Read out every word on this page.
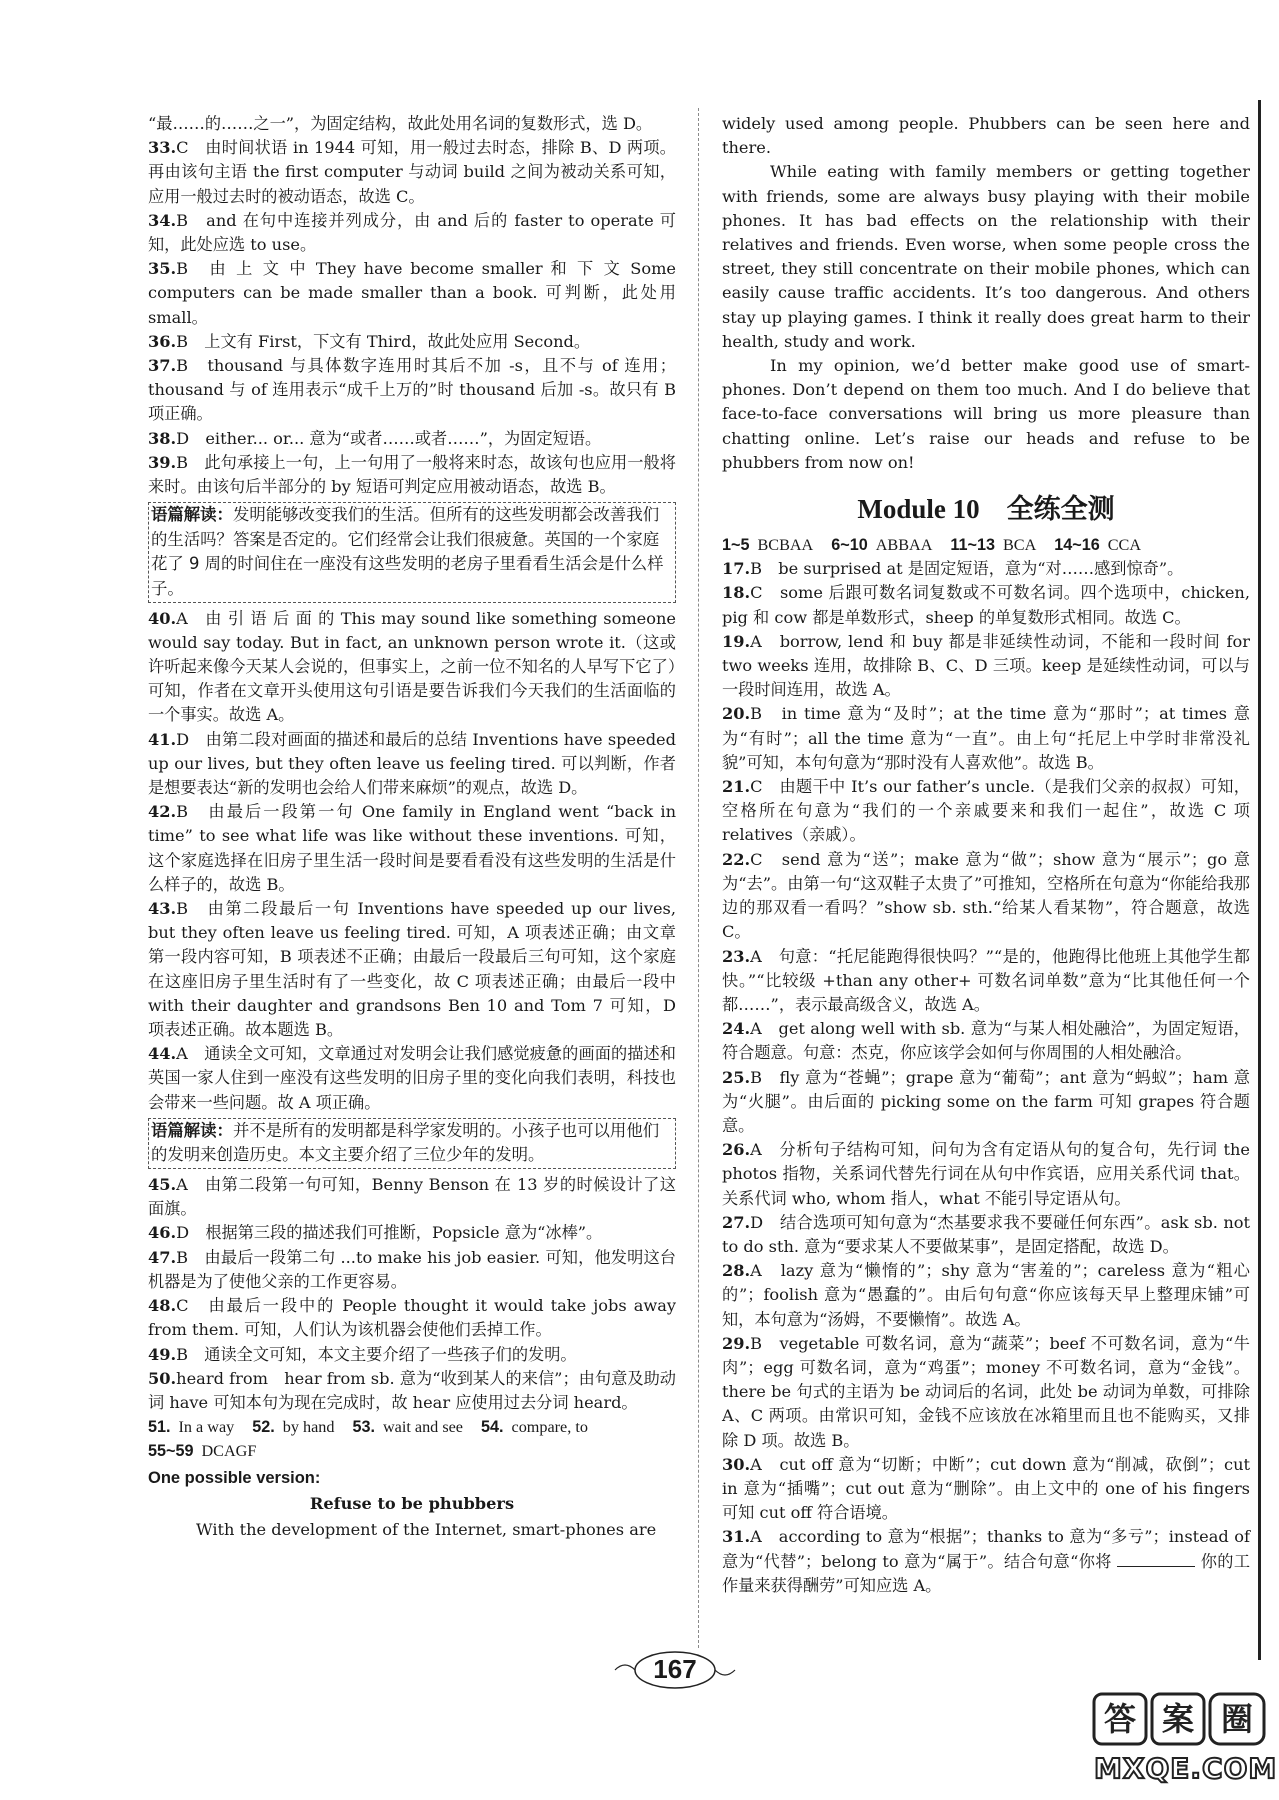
“最……的……之一”，为固定结构，故此处用名词的复数形式，选 D。

33.C　由时间状语 in 1944 可知，用一般过去时态，排除 B、D 两项。再由该句主语 the first computer 与动词 build 之间为被动关系可知，应用一般过去时的被动语态，故选 C。

34.B　and 在句中连接并列成分，由 and 后的 faster to operate 可知，此处应选 to use。

35.B　由 上 文 中 They have become smaller 和 下 文 Some computers can be made smaller than a book. 可判断，此处用 small。

36.B　上文有 First，下文有 Third，故此处应用 Second。

37.B　thousand 与具体数字连用时其后不加 -s，且不与 of 连用；thousand 与 of 连用表示“成千上万的”时 thousand 后加 -s。故只有 B 项正确。

38.D　either... or... 意为“或者……或者……”，为固定短语。

39.B　此句承接上一句，上一句用了一般将来时态，故该句也应用一般将来时。由该句后半部分的 by 短语可判定应用被动语态，故选 B。

语篇解读：发明能够改变我们的生活。但所有的这些发明都会改善我们的生活吗？答案是否定的。它们经常会让我们很疲惫。英国的一个家庭花了 9 周的时间住在一座没有这些发明的老房子里看看生活会是什么样子。

40.A　由 引 语 后 面 的 This may sound like something someone would say today. But in fact, an unknown person wrote it.（这或许听起来像今天某人会说的，但事实上，之前一位不知名的人早写下它了）可知，作者在文章开头使用这句引语是要告诉我们今天我们的生活面临的一个事实。故选 A。

41.D　由第二段对画面的描述和最后的总结 Inventions have speeded up our lives, but they often leave us feeling tired. 可以判断，作者是想要表达“新的发明也会给人们带来麻烦”的观点，故选 D。

42.B　由最后一段第一句 One family in England went “back in time” to see what life was like without these inventions. 可知，这个家庭选择在旧房子里生活一段时间是要看看没有这些发明的生活是什么样子的，故选 B。

43.B　由第二段最后一句 Inventions have speeded up our lives, but they often leave us feeling tired. 可知，A 项表述正确；由文章第一段内容可知，B 项表述不正确；由最后一段最后三句可知，这个家庭在这座旧房子里生活时有了一些变化，故 C 项表述正确；由最后一段中 with their daughter and grandsons Ben 10 and Tom 7 可知，D 项表述正确。故本题选 B。

44.A　通读全文可知，文章通过对发明会让我们感觉疲惫的画面的描述和英国一家人住到一座没有这些发明的旧房子里的变化向我们表明，科技也会带来一些问题。故 A 项正确。

语篇解读：并不是所有的发明都是科学家发明的。小孩子也可以用他们的发明来创造历史。本文主要介绍了三位少年的发明。

45.A　由第二段第一句可知，Benny Benson 在 13 岁的时候设计了这面旗。

46.D　根据第三段的描述我们可推断，Popsicle 意为“冰棒”。

47.B　由最后一段第二句 ...to make his job easier. 可知，他发明这台机器是为了使他父亲的工作更容易。

48.C　由最后一段中的 People thought it would take jobs away from them. 可知，人们认为该机器会使他们丢掉工作。

49.B　通读全文可知，本文主要介绍了一些孩子们的发明。

50.heard from　hear from sb. 意为“收到某人的来信”；由句意及助动词 have 可知本句为现在完成时，故 hear 应使用过去分词 heard。

51. In a way 52. by hand 53. wait and see 54. compare, to

55~59 DCAGF

One possible version:

Refuse to be phubbers

With the development of the Internet, smart-phones are

widely used among people. Phubbers can be seen here and there.

While eating with family members or getting together with friends, some are always busy playing with their mobile phones. It has bad effects on the relationship with their relatives and friends. Even worse, when some people cross the street, they still concentrate on their mobile phones, which can easily cause traffic accidents. It’s too dangerous. And others stay up playing games. I think it really does great harm to their health, study and work.

In my opinion, we’d better make good use of smart-phones. Don’t depend on them too much. And I do believe that face-to-face conversations will bring us more pleasure than chatting online. Let’s raise our heads and refuse to be phubbers from now on!

Module 10　全练全测

1~5 BCBAA 6~10 ABBAA 11~13 BCA 14~16 CCA

17.B　be surprised at 是固定短语，意为“对……感到惊奇”。

18.C　some 后跟可数名词复数或不可数名词。四个选项中，chicken, pig 和 cow 都是单数形式，sheep 的单复数形式相同。故选 C。

19.A　borrow, lend 和 buy 都是非延续性动词，不能和一段时间 for two weeks 连用，故排除 B、C、D 三项。keep 是延续性动词，可以与一段时间连用，故选 A。

20.B　in time 意为“及时”；at the time 意为“那时”；at times 意为“有时”；all the time 意为“一直”。由上句“托尼上中学时非常没礼貌”可知，本句句意为“那时没有人喜欢他”。故选 B。

21.C　由题干中 It’s our father’s uncle.（是我们父亲的叔叔）可知，空格所在句意为“我们的一个亲戚要来和我们一起住”，故选 C 项 relatives（亲戚）。

22.C　send 意为“送”；make 意为“做”；show 意为“展示”；go 意为“去”。由第一句“这双鞋子太贵了”可推知，空格所在句意为“你能给我那边的那双看一看吗？”show sb. sth.“给某人看某物”，符合题意，故选 C。

23.A　句意：“托尼能跑得很快吗？”“是的，他跑得比他班上其他学生都快。”“比较级 +than any other+ 可数名词单数”意为“比其他任何一个都……”，表示最高级含义，故选 A。

24.A　get along well with sb. 意为“与某人相处融洽”，为固定短语，符合题意。句意：杰克，你应该学会如何与你周围的人相处融洽。

25.B　fly 意为“苍蝇”；grape 意为“葡萄”；ant 意为“蚂蚁”；ham 意为“火腿”。由后面的 picking some on the farm 可知 grapes 符合题意。

26.A　分析句子结构可知，问句为含有定语从句的复合句，先行词 the photos 指物，关系词代替先行词在从句中作宾语，应用关系代词 that。关系代词 who, whom 指人，what 不能引导定语从句。

27.D　结合选项可知句意为“杰基要求我不要碰任何东西”。ask sb. not to do sth. 意为“要求某人不要做某事”，是固定搭配，故选 D。

28.A　lazy 意为“懒惰的”；shy 意为“害羞的”；careless 意为“粗心的”；foolish 意为“愚蠢的”。由后句句意“你应该每天早上整理床铺”可知，本句意为“汤姆，不要懒惰”。故选 A。

29.B　vegetable 可数名词，意为“蔬菜”；beef 不可数名词，意为“牛肉”；egg 可数名词，意为“鸡蛋”；money 不可数名词，意为“金钱”。there be 句式的主语为 be 动词后的名词，此处 be 动词为单数，可排除 A、C 两项。由常识可知，金钱不应该放在冰箱里而且也不能购买，又排除 D 项。故选 B。

30.A　cut off 意为“切断；中断”；cut down 意为“削减，砍倒”；cut in 意为“插嘴”；cut out 意为“删除”。由上文中的 one of his fingers 可知 cut off 符合语境。

31.A　according to 意为“根据”；thanks to 意为“多亏”；instead of 意为“代替”；belong to 意为“属于”。结合句意“你将	你的工作量来获得酬劳”可知应选 A。

167
答 案 圈
MXQE.COM
